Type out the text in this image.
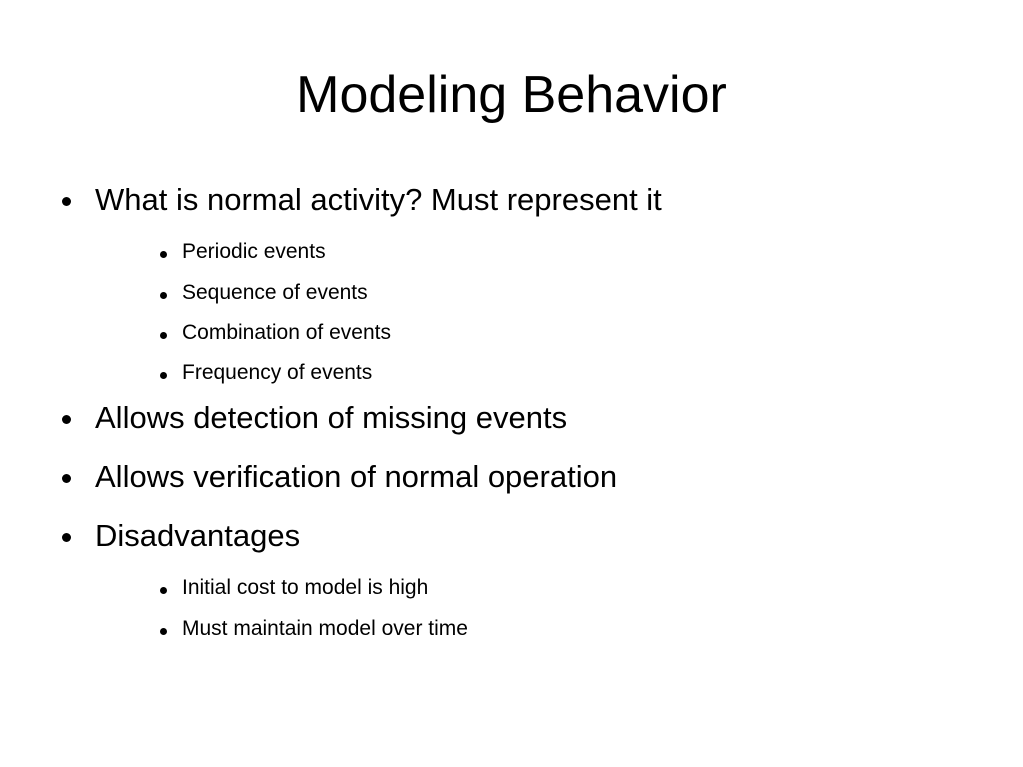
Modeling Behavior
What is normal activity? Must represent it
Periodic events
Sequence of events
Combination of events
Frequency of events
Allows detection of missing events
Allows verification of normal operation
Disadvantages
Initial cost to model is high
Must maintain model over time
